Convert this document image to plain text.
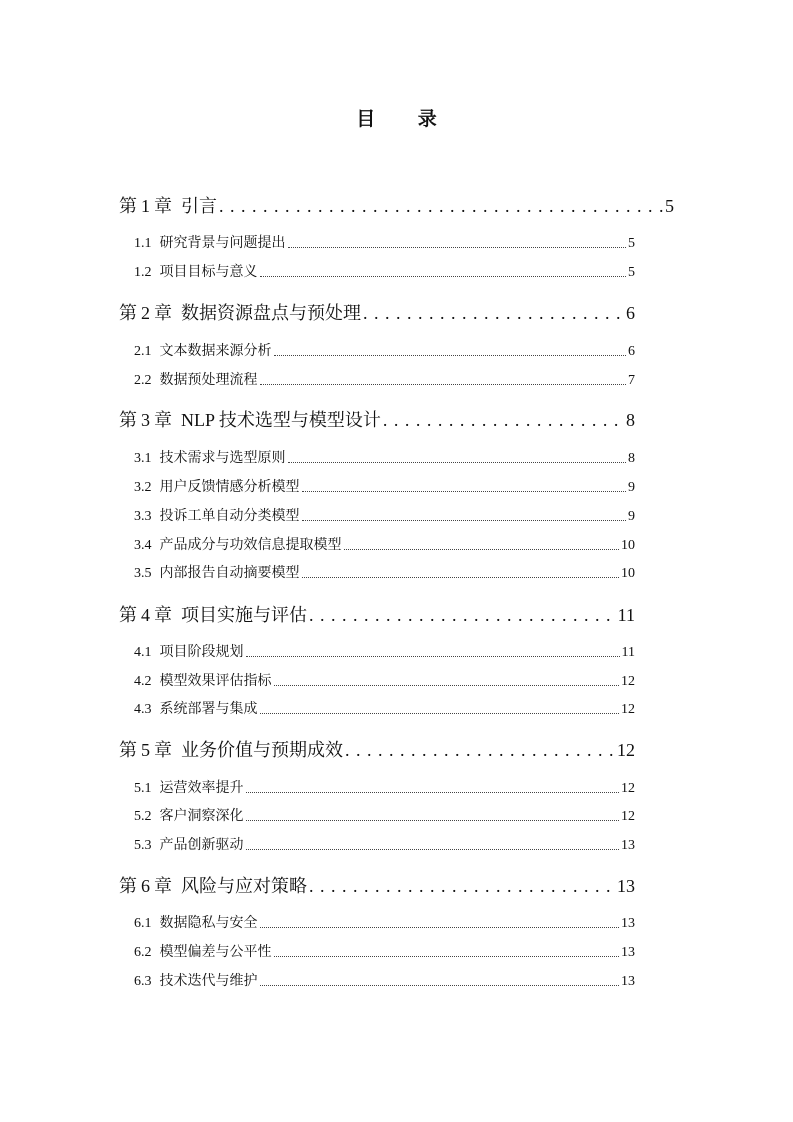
目 录
第 1 章 引言 . . .	5
1.1 研究背景与问题提出	5
1.2 项目目标与意义	5
第 2 章 数据资源盘点与预处理 . . .	6
2.1 文本数据来源分析	6
2.2 数据预处理流程	7
第 3 章 NLP 技术选型与模型设计 . . .	8
3.1 技术需求与选型原则	8
3.2 用户反馈情感分析模型	9
3.3 投诉工单自动分类模型	9
3.4 产品成分与功效信息提取模型	10
3.5 内部报告自动摘要模型	10
第 4 章 项目实施与评估 . . .	11
4.1 项目阶段规划	11
4.2 模型效果评估指标	12
4.3 系统部署与集成	12
第 5 章 业务价值与预期成效 . . .	12
5.1 运营效率提升	12
5.2 客户洞察深化	12
5.3 产品创新驱动	13
第 6 章 风险与应对策略 . . .	13
6.1 数据隐私与安全	13
6.2 模型偏差与公平性	13
6.3 技术迭代与维护	13
